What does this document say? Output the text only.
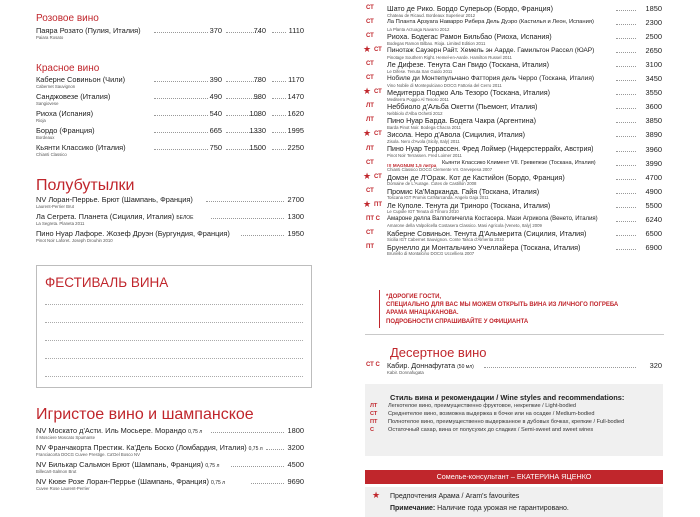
Розовое вино
Паяра Розато (Пулия, Италия)
Paiara Rosato
370	740	1110
Красное вино
Каберне Совиньон (Чили)
Cabernet Sauvignon
390	780	1170
Санджовезе (Италия)
Sangiovese
490	980	1470
Риоха (Испания)
Rioja
540	1080	1620
Бордо (Франция)
Bordeaux
665	1330	1995
Кьянти Классико (Италия)
Chianti Classico
750	1500	2250
Полубутылки
NV Лоран-Перрье. Брют (Шампань, Франция)
Laurent-Perrier Brut
2700
Ла Сегрета. Планета (Сицилия, Италия) БЕЛОЕ
La Segreta. Planeta 2011
1300
Пино Нуар Лафоре. Жозеф Друэн (Бургундия, Франция)
Pinot Noir Laforet. Joseph Drouhin 2010
1950
Игристое вино и шампанское
NV Москато д'Асти. Иль Мосьере. Морандо 0,75 л
Il Mosciere Moscato Spumante
1800
NV Франчакорта Престиж. Ка'Дель Боско (Ломбардия, Италия) 0,75 л
Franciacorta DOCG Cuvee Prestige. Ca'Del Bosco NV
3200
NV Билькар Сальмон Брют (Шампань, Франция) 0,75 л
Billecart-Salmon Brut
4500
NV Кюве Розе Лоран-Перрье (Шампань, Франция) 0,75 л
Cuvee Rose Laurent-Perrier
9690
ФЕСТИВАЛЬ ВИНА
СТ	Шато де Рико. Бордо Суперьор (Бордо, Франция)
Chateau de Ricaud. Bordeaux Superieur 2012
1850
СТ	Ла Планта Арзуага Наварро Рибера Дель Дуэро (Кастилья и Леон, Испания)
La Planta Arzuaga Navarro 2012
2300
СТ	Риоха. Бодегас Рамон Бильбао (Риоха, Испания)
Bodegas Ramon Bilbao. Rioja. Limited Edition 2011
2500
★ СТ Пинотаж Саузерн Райт. Хемель эн Аарде. Гамильтон Рассел (ЮАР)
Pinotage Southern Right. Hemel-en-Aarde. Hamilton Russel 2011
2650
СТ	Ле Дифезе. Тенута Сан Гвидо (Тоскана, Италия)
Le Difese. Tenuta San Guido 2011
3100
СТ	Нобиле ди Монтепульчано Фаттория дель Черро (Тоскана, Италия)
Vino Nobile di Montepulciano DOCG Fattoria del Cerro 2011
3450
★ СТ Медитерра Поджо Аль Тезоро (Тоскана, Италия)
Mediterra Poggio Al Tesoro 2011
3550
ЛТ	Неббиоло д'Альба Окетти (Пьемонт, Италия)
Nebbiolo d'Alba Ochetti 2012
3600
ЛТ	Пино Нуар Барда. Бодега Чакра (Аргентина)
Barda Pinot Noir. Bodega Chacra 2011
3850
★ СТ Зисола. Неро д'Авола (Сицилия, Италия)
Zisola. Nero d'Avola (Sicily, Italy) 2011
3890
ЛТ	Пино Нуар Террассен. Фред Лоймер (Нидерстеррайх, Австрия)
Pinot Noir Terrassen. Fred Loimer 2011
3960
!!! MAGNUM 1,5 литра
СТ	Кьянти Классико Климент VII. Гревепезе (Тоскана, Италия)
Chianti Classico DOCG Clemente VII. Grevepesa 2007
3990
★ СТ Домэн де Л'Ораж. Кот де Кастийон (Бордо, Франция)
Domaine de L'Aurage. Cotes de Castillon 2008
4700
СТ	Промис Ка'Марканда. Гайя (Тоскана, Италия)
Toscana IGT Promis Ca'Marcanda. Angelo Gaja 2011
4900
★ ПТ Ле Куполе. Тенута ди Триноро (Тоскана, Италия)
Le Cupole IGT Tenuta di Trinoro 2010
5500
ПТ С	Амароне делла Валполичелла Костасера. Мази Агрикола (Венето, Италия)
Amarone della Valpolicella Costasera Classico. Masi Agricola (Veneto, Italy) 2009
6240
СТ	Каберне Совиньон. Тенута Д'Альмерита (Сицилия, Италия)
Sicilia IGT Cabernet Sauvignon. Conte Tasca d'Almerita 2010
6500
ПТ	Брунелло ди Монтальчино Учеллайера (Тоскана, Италия)
Brunello di Montalcino DOCG Uccelliera 2007
6900
*ДОРОГИЕ ГОСТИ,
СПЕЦИАЛЬНО ДЛЯ ВАС МЫ МОЖЕМ ОТКРЫТЬ ВИНА ИЗ ЛИЧНОГО ПОГРЕБА
АРАМА МНАЦАКАНОВА.
ПОДРОБНОСТИ СПРАШИВАЙТЕ У ОФИЦИАНТА
Десертное вино
СТ С Кабир. Доннафугата (50 мл)
Kabir. Donnafugata
320
Стиль вина и рекомендации / Wine styles and recommendations:
ЛТ Легкотелое вино, преимущественно фруктовое, некрепкие / Light-bodied
СТ Среднетелое вино, возможна выдержка в бочке или на осадке / Medium-bodied
ПТ Полнотелое вино, преимущественно выдержанное в дубовых бочках, крепкие / Full-bodied
С Остаточный сахар, вина от полусухих до сладких / Semi-sweet and sweet wines
Сомелье-консультант – ЕКАТЕРИНА ЯЦЕНКО
★ Предпочтения Арама / Aram's favourites
Примечание: Наличие года урожая не гарантировано.
